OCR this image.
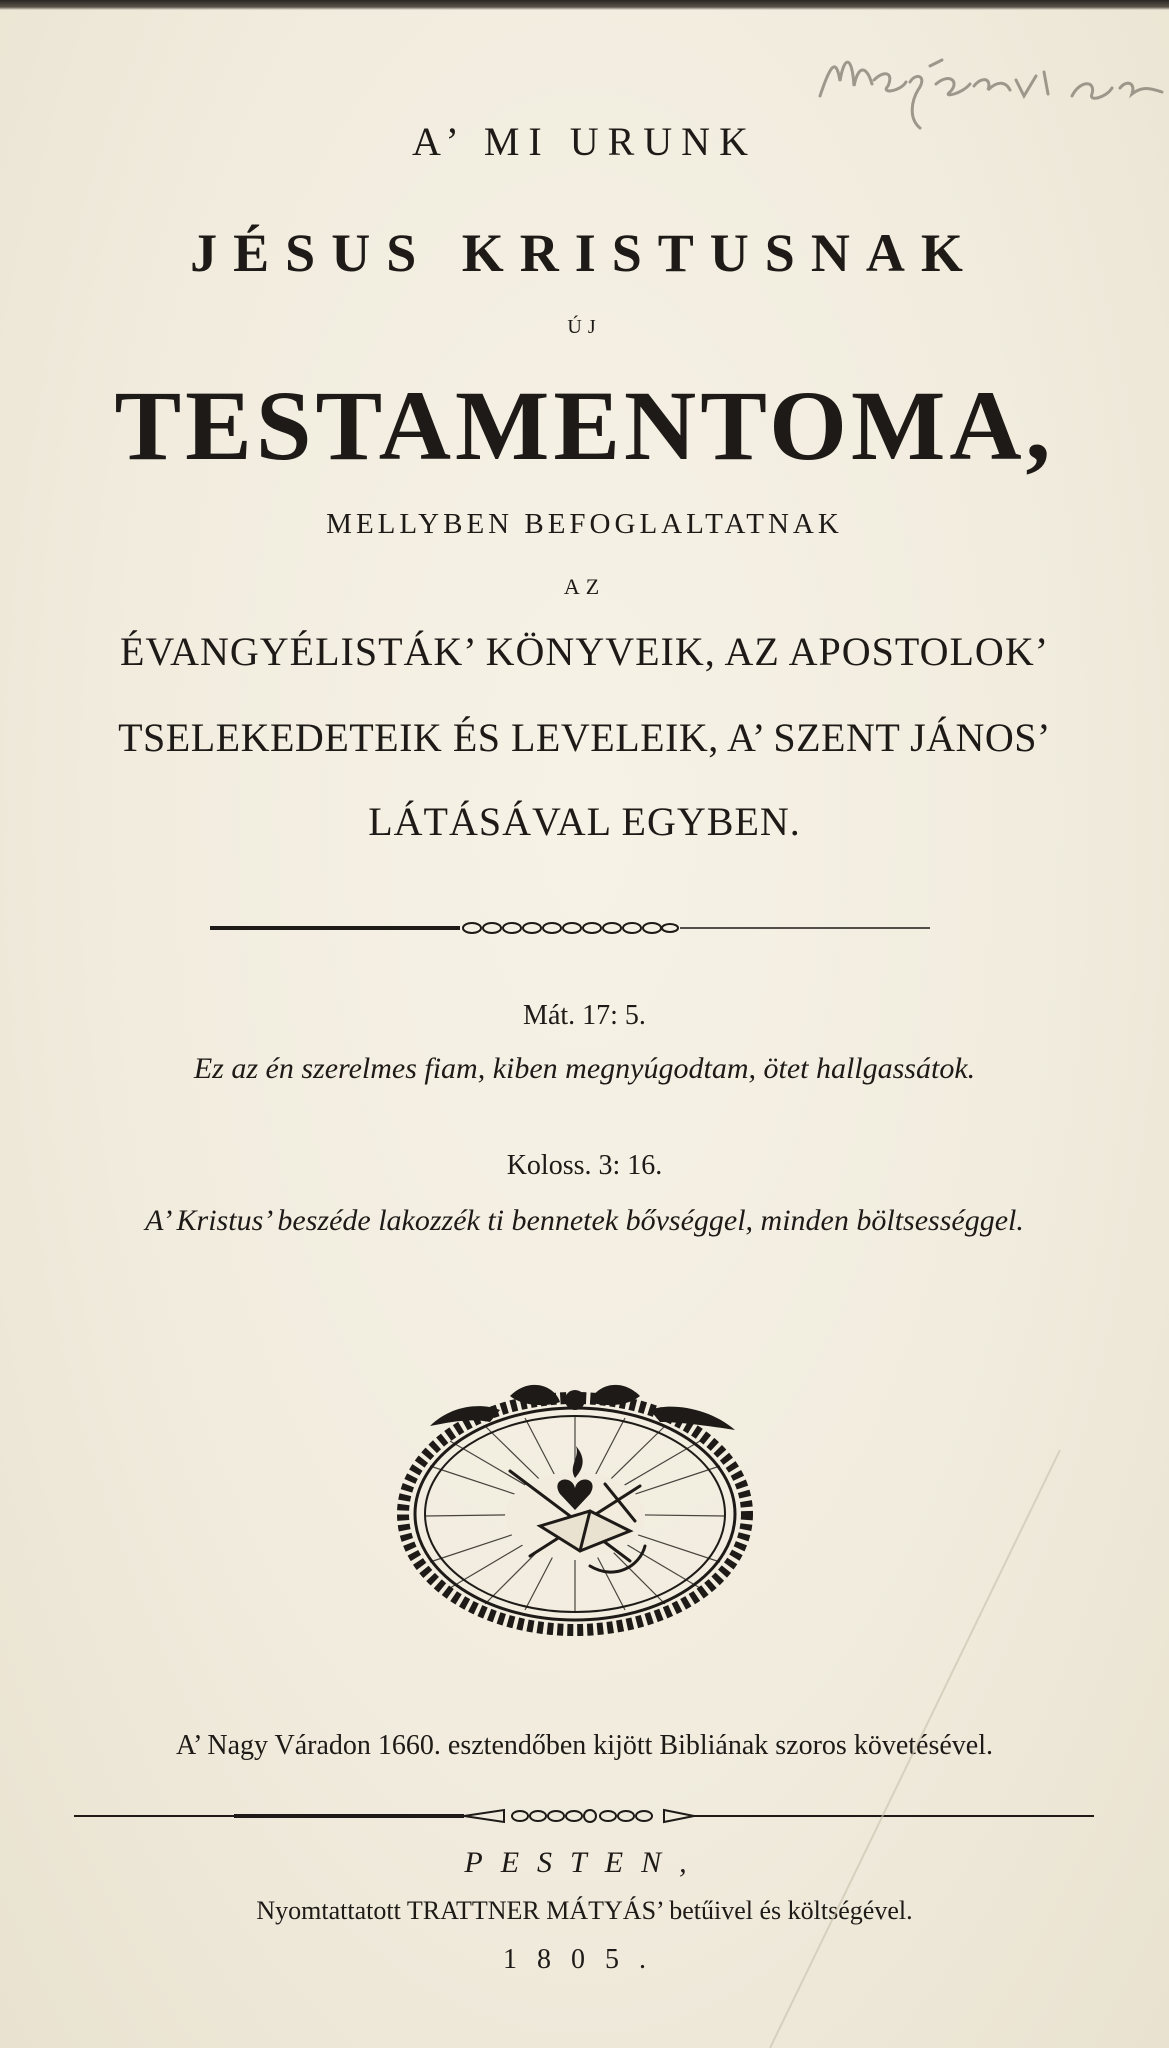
A’ MI URUNK
JÉSUS KRISTUSNAK
ÚJ
TESTAMENTOMA,
MELLYBEN BEFOGLALTATNAK
AZ
ÉVANGYÉLISTÁK’ KÖNYVEIK, AZ APOSTOLOK’
TSELEKEDETEIK ÉS LEVELEIK, A’ SZENT JÁNOS’
LÁTÁSÁVAL EGYBEN.
Mát. 17: 5.
Ez az én szerelmes fiam, kiben megnyúgodtam, ötet hallgassátok.
Koloss. 3: 16.
A’ Kristus’ beszéde lakozzék ti bennetek bővséggel, minden böltsességgel.
A’ Nagy Váradon 1660. esztendőben kijött Bibliának szoros követésével.
PESTEN,
Nyomtattatott TRATTNER MÁTYÁS’ betűivel és költségével.
1805.
